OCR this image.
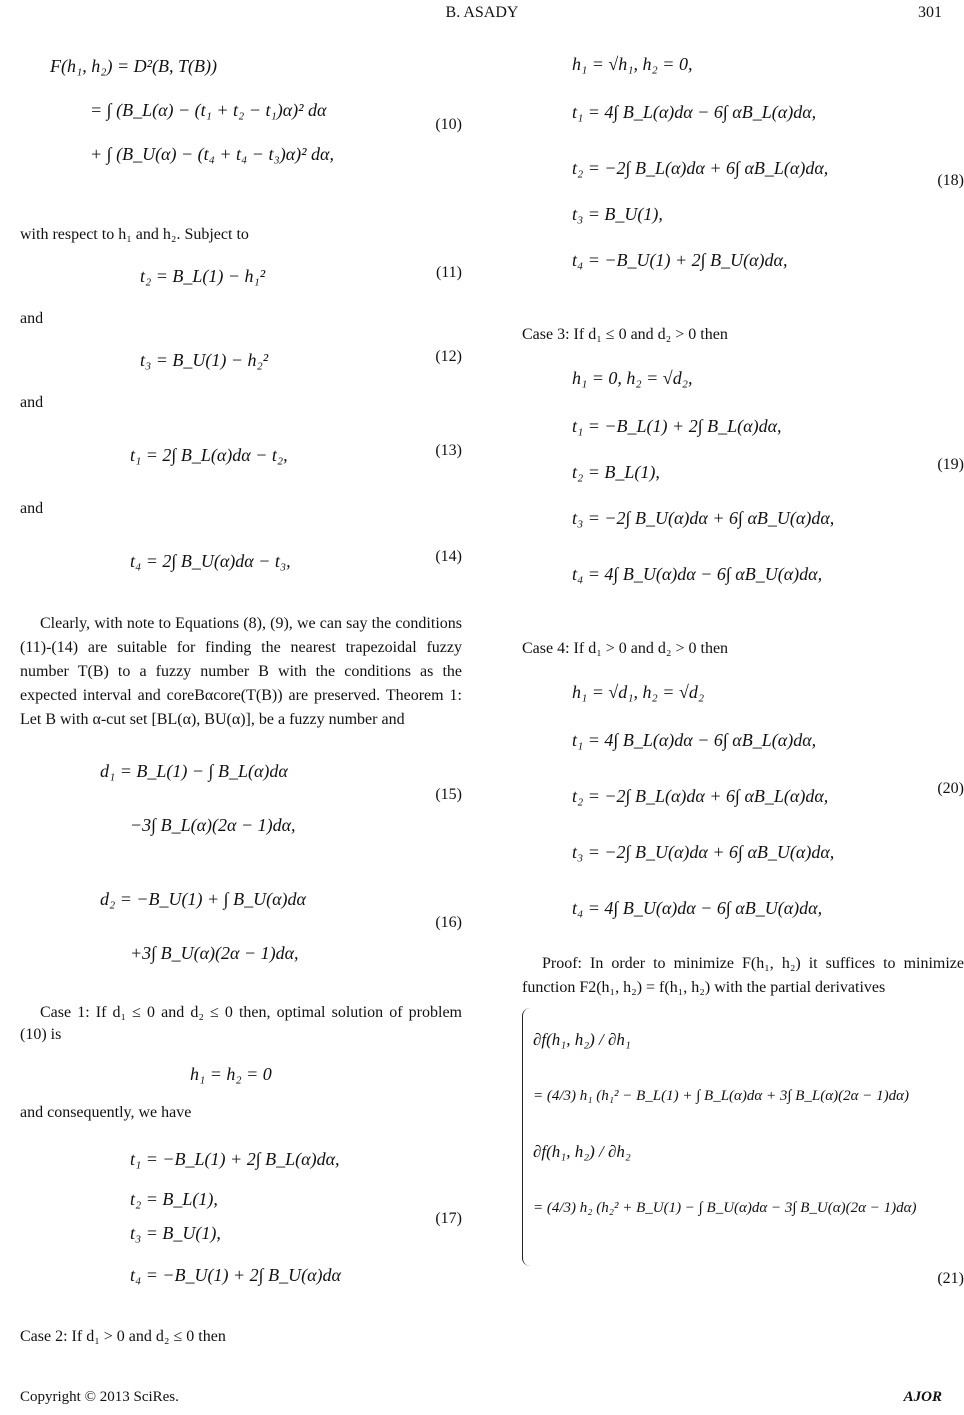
B. ASADY	301
F(h₁, h₂) = D²(B, T(B))
= ∫ (B_L(α) − (t₁ + t₂ − t₁)α)² dα
+ ∫ (B_U(α) − (t₄ + t₄ − t₃)α)² dα,
(10)

with respect to h₁ and h₂. Subject to

t₂ = B_L(1) − h₁²	(11)

and

t₃ = B_U(1) − h₂²	(12)

and

t₁ = 2∫ B_L(α)dα − t₂,	(13)

and

t₄ = 2∫ B_U(α)dα − t₃,	(14)

Clearly, with note to Equations (8), (9), we can say the conditions (11)-(14) are suitable for finding the nearest trapezoidal fuzzy number T(B) to a fuzzy number B with the conditions as the expected interval and coreBαcore(T(B)) are preserved. Theorem 1: Let B with α-cut set [BL(α), BU(α)], be a fuzzy number and

d₁ = B_L(1) − ∫ B_L(α)dα
−3∫ B_L(α)(2α − 1)dα,
(15)
d₂ = −B_U(1) + ∫ B_U(α)dα
+3∫ B_U(α)(2α − 1)dα,
(16)

Case 1: If d₁ ≤ 0 and d₂ ≤ 0 then, optimal solution of problem (10) is

h₁ = h₂ = 0

and consequently, we have

t₁ = −B_L(1) + 2∫ B_L(α)dα,
t₂ = B_L(1),
t₃ = B_U(1),
t₄ = −B_U(1) + 2∫ B_U(α)dα
(17)

Case 2: If d₁ > 0 and d₂ ≤ 0 then

h₁ = √h₁, h₂ = 0,
t₁ = 4∫ B_L(α)dα − 6∫ αB_L(α)dα,
t₂ = −2∫ B_L(α)dα + 6∫ αB_L(α)dα,
t₃ = B_U(1),
t₄ = −B_U(1) + 2∫ B_U(α)dα,
(18)

Case 3: If d₁ ≤ 0 and d₂ > 0 then

h₁ = 0, h₂ = √d₂,
t₁ = −B_L(1) + 2∫ B_L(α)dα,
t₂ = B_L(1),
t₃ = −2∫ B_U(α)dα + 6∫ αB_U(α)dα,
t₄ = 4∫ B_U(α)dα − 6∫ αB_U(α)dα,
(19)

Case 4: If d₁ > 0 and d₂ > 0 then

h₁ = √d₁, h₂ = √d₂
t₁ = 4∫ B_L(α)dα − 6∫ αB_L(α)dα,
t₂ = −2∫ B_L(α)dα + 6∫ αB_L(α)dα,
t₃ = −2∫ B_U(α)dα + 6∫ αB_U(α)dα,
t₄ = 4∫ B_U(α)dα − 6∫ αB_U(α)dα,
(20)

Proof: In order to minimize F(h₁, h₂) it suffices to minimize function F2(h₁, h₂) = f(h₁, h₂) with the partial derivatives

∂f(h₁, h₂) / ∂h₁
= (4/3) h₁ (h₁² − B_L(1) + ∫ B_L(α)dα + 3∫ B_L(α)(2α − 1)dα)
∂f(h₁, h₂) / ∂h₂
= (4/3) h₂ (h₂² + B_U(1) − ∫ B_U(α)dα − 3∫ B_U(α)(2α − 1)dα)
(21)
Copyright © 2013 SciRes.	AJOR
